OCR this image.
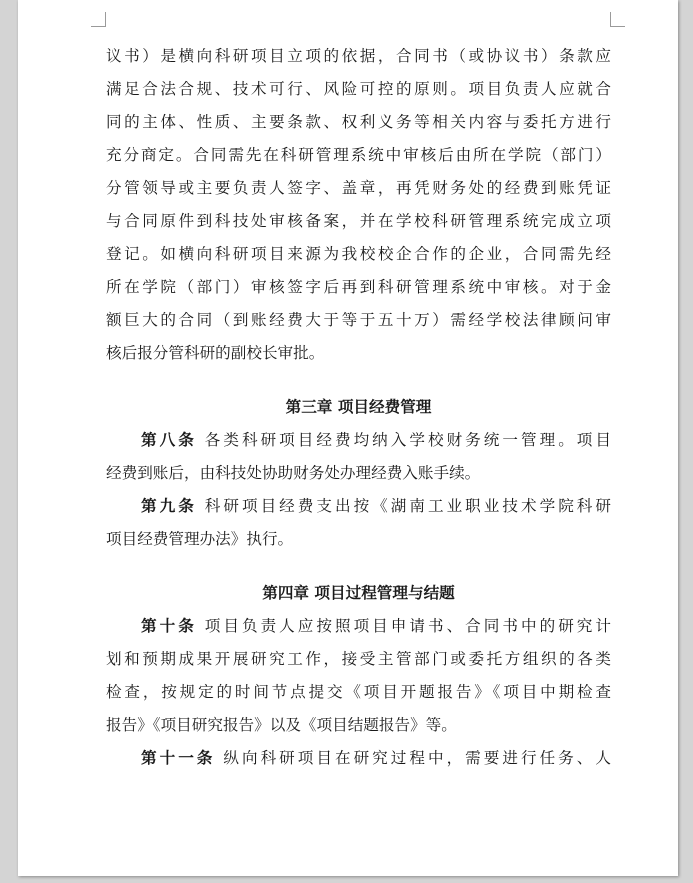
议书）是横向科研项目立项的依据，合同书（或协议书）条款应
满足合法合规、技术可行、风险可控的原则。项目负责人应就合
同的主体、性质、主要条款、权利义务等相关内容与委托方进行
充分商定。合同需先在科研管理系统中审核后由所在学院（部门）
分管领导或主要负责人签字、盖章，再凭财务处的经费到账凭证
与合同原件到科技处审核备案，并在学校科研管理系统完成立项
登记。如横向科研项目来源为我校校企合作的企业，合同需先经
所在学院（部门）审核签字后再到科研管理系统中审核。对于金
额巨大的合同（到账经费大于等于五十万）需经学校法律顾问审
核后报分管科研的副校长审批。
第三章 项目经费管理
第八条 各类科研项目经费均纳入学校财务统一管理。项目
经费到账后，由科技处协助财务处办理经费入账手续。
第九条 科研项目经费支出按《湖南工业职业技术学院科研
项目经费管理办法》执行。
第四章 项目过程管理与结题
第十条 项目负责人应按照项目申请书、合同书中的研究计
划和预期成果开展研究工作，接受主管部门或委托方组织的各类
检查，按规定的时间节点提交《项目开题报告》《项目中期检查
报告》《项目研究报告》以及《项目结题报告》等。
第十一条 纵向科研项目在研究过程中，需要进行任务、人
